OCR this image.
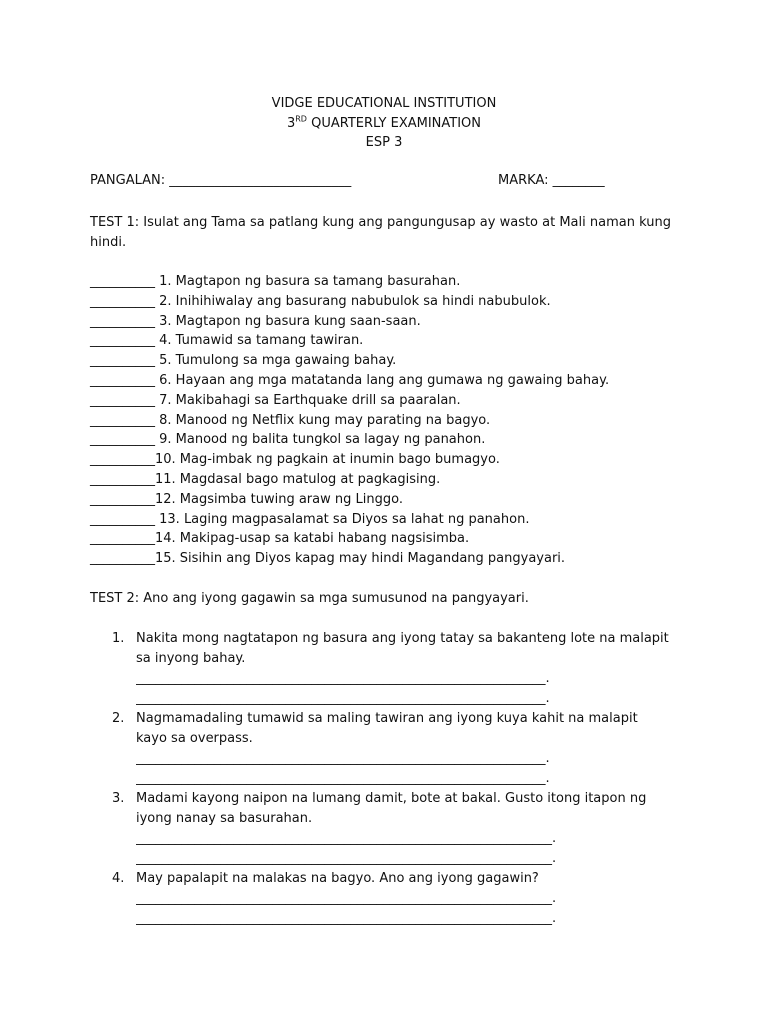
VIDGE EDUCATIONAL INSTITUTION
3RD QUARTERLY EXAMINATION
ESP 3
PANGALAN: ____________________________	MARKA: ________
TEST 1: Isulat ang Tama sa patlang kung ang pangungusap ay wasto at Mali naman kung hindi.
__________ 1. Magtapon ng basura sa tamang basurahan.
__________ 2. Inihihiwalay ang basurang nabubulok sa hindi nabubulok.
__________ 3. Magtapon ng basura kung saan-saan.
__________ 4. Tumawid sa tamang tawiran.
__________ 5. Tumulong sa mga gawaing bahay.
__________ 6. Hayaan ang mga matatanda lang ang gumawa ng gawaing bahay.
__________ 7. Makibahagi sa Earthquake drill sa paaralan.
__________ 8. Manood ng Netflix kung may parating na bagyo.
__________ 9. Manood ng balita tungkol sa lagay ng panahon.
__________10. Mag-imbak ng pagkain at inumin bago bumagyo.
__________11. Magdasal bago matulog at pagkagising.
__________12. Magsimba tuwing araw ng Linggo.
__________ 13. Laging magpasalamat sa Diyos sa lahat ng panahon.
__________14. Makipag-usap sa katabi habang nagsisimba.
__________15. Sisihin ang Diyos kapag may hindi Magandang pangyayari.
TEST 2: Ano ang iyong gagawin sa mga sumusunod na pangyayari.
1. Nakita mong nagtatapon ng basura ang iyong tatay sa bakanteng lote na malapit sa inyong bahay.
_______________________________________________________________.
_______________________________________________________________.
2. Nagmamadaling tumawid sa maling tawiran ang iyong kuya kahit na malapit kayo sa overpass.
_______________________________________________________________.
_______________________________________________________________.
3. Madami kayong naipon na lumang damit, bote at bakal. Gusto itong itapon ng iyong nanay sa basurahan.
________________________________________________________________.
________________________________________________________________.
4. May papalapit na malakas na bagyo. Ano ang iyong gagawin?
________________________________________________________________.
________________________________________________________________.
